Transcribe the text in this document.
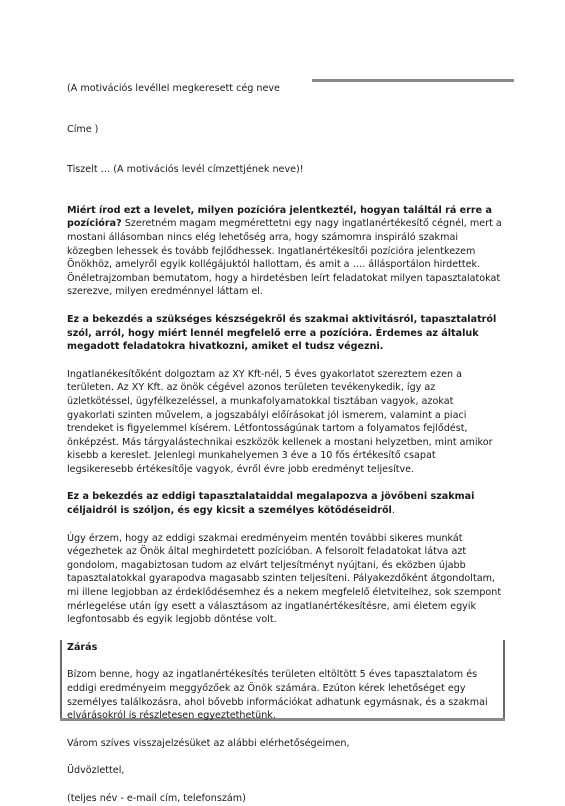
(A motivációs levéllel megkeresett cég neve

Címe )

Tiszelt … (A motivációs levél címzettjének neve)!

Miért írod ezt a levelet, milyen pozícióra jelentkeztél, hogyan találtál rá erre a pozícióra? Szeretném magam megmérettetni egy nagy ingatlanértékesítő cégnél, mert a mostani állásomban nincs elég lehetőség arra, hogy számomra inspiráló szakmai közegben lehessek és tovább fejlődhessek. Ingatlanértékesítői pozícióra jelentkezem Önökhöz, amelyről egyik kollégájuktól hallottam, és amit a …. állásportálon hirdettek. Önéletrajzomban bemutatom, hogy a hirdetésben leírt feladatokat milyen tapasztalatokat szerezve, milyen eredménnyel láttam el.

Ez a bekezdés a szükséges készségekről és szakmai aktivitásról, tapasztalatról szól, arról, hogy miért lennél megfelelő erre a pozícióra. Érdemes az általuk megadott feladatokra hivatkozni, amiket el tudsz végezni.

Ingatlanékesítőként dolgoztam az XY Kft-nél, 5 éves gyakorlatot szereztem ezen a területen. Az XY Kft. az önök cégével azonos területen tevékenykedik, így az üzletkötéssel, ügyfélkezeléssel, a munkafolyamatokkal tisztában vagyok, azokat gyakorlati szinten művelem, a jogszabályi előírásokat jól ismerem, valamint a piaci trendeket is figyelemmel kísérem. Létfontosságúnak tartom a folyamatos fejlődést, önképzést. Más tárgyalástechnikai eszközök kellenek a mostani helyzetben, mint amikor kisebb a kereslet. Jelenlegi munkahelyemen 3 éve a 10 fős értékesítő csapat legsikeresebb értékesítője vagyok, évről évre jobb eredményt teljesítve.

Ez a bekezdés az eddigi tapasztalataiddal megalapozva a jövőbeni szakmai céljaidról is szóljon, és egy kicsit a személyes kötődéseidről.

Úgy érzem, hogy az eddigi szakmai eredményeim mentén további sikeres munkát végezhetek az Önök által meghirdetett pozícióban. A felsorolt feladatokat látva azt gondolom, magabiztosan tudom az elvárt teljesítményt nyújtani, és eközben újabb tapasztalatokkal gyarapodva magasabb szinten teljesíteni. Pályakezdőként átgondoltam, mi illene legjobban az érdeklődésemhez és a nekem megfelelő életvitelhez, sok szempont mérlegelése után így esett a választásom az ingatlanértékesítésre, ami életem egyik legfontosabb és egyik legjobb döntése volt.

Zárás

Bízom benne, hogy az ingatlanértékesítés területen eltöltött 5 éves tapasztalatom és eddigi eredményeim meggyőzőek az Önök számára. Ezúton kérek lehetőséget egy személyes találkozásra, ahol bővebb információkat adhatunk egymásnak, és a szakmai elvárásokról is részletesen egyeztethetünk.

Várom szíves visszajelzésüket az alábbi elérhetőségeimen,

Üdvözlettel,

(teljes név - e-mail cím, telefonszám)
